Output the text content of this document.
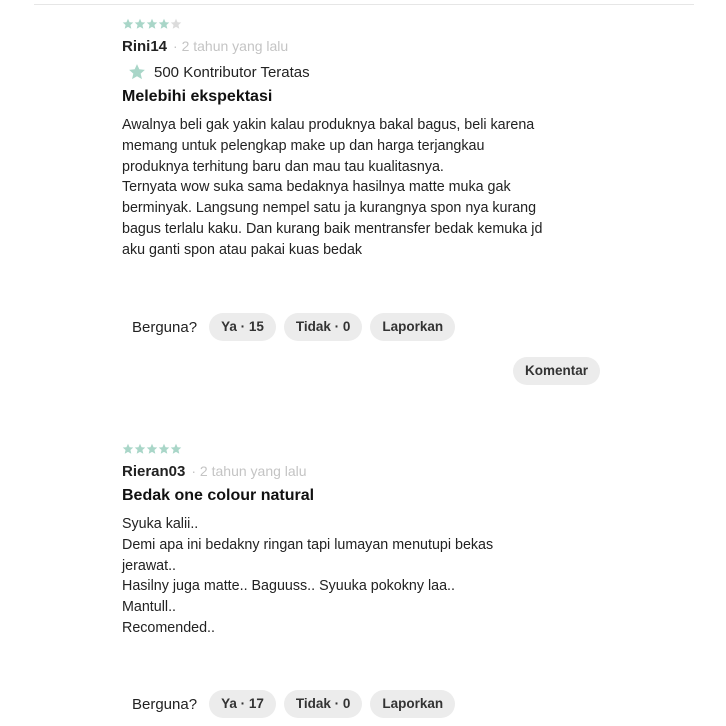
Rini14 · 2 tahun yang lalu
500 Kontributor Teratas
Melebihi ekspektasi

Awalnya beli gak yakin kalau produknya bakal bagus, beli karena

memang untuk pelengkap make up dan harga terjangkau

produknya terhitung baru dan mau tau kualitasnya.

Ternyata wow suka sama bedaknya hasilnya matte muka gak

berminyak. Langsung nempel satu ja kurangnya spon nya kurang

bagus terlalu kaku. Dan kurang baik mentransfer bedak kemuka jd

aku ganti spon atau pakai kuas bedak

Berguna?	Ya · 15	Tidak · 0	Laporkan
Komentar
Rieran03 · 2 tahun yang lalu
Bedak one colour natural

Syuka kalii..

Demi apa ini bedakny ringan tapi lumayan menutupi bekas

jerawat..

Hasilny juga matte.. Baguuss.. Syuuka pokokny laa..

Mantull..

Recomended..

Berguna?	Ya · 17	Tidak · 0	Laporkan
